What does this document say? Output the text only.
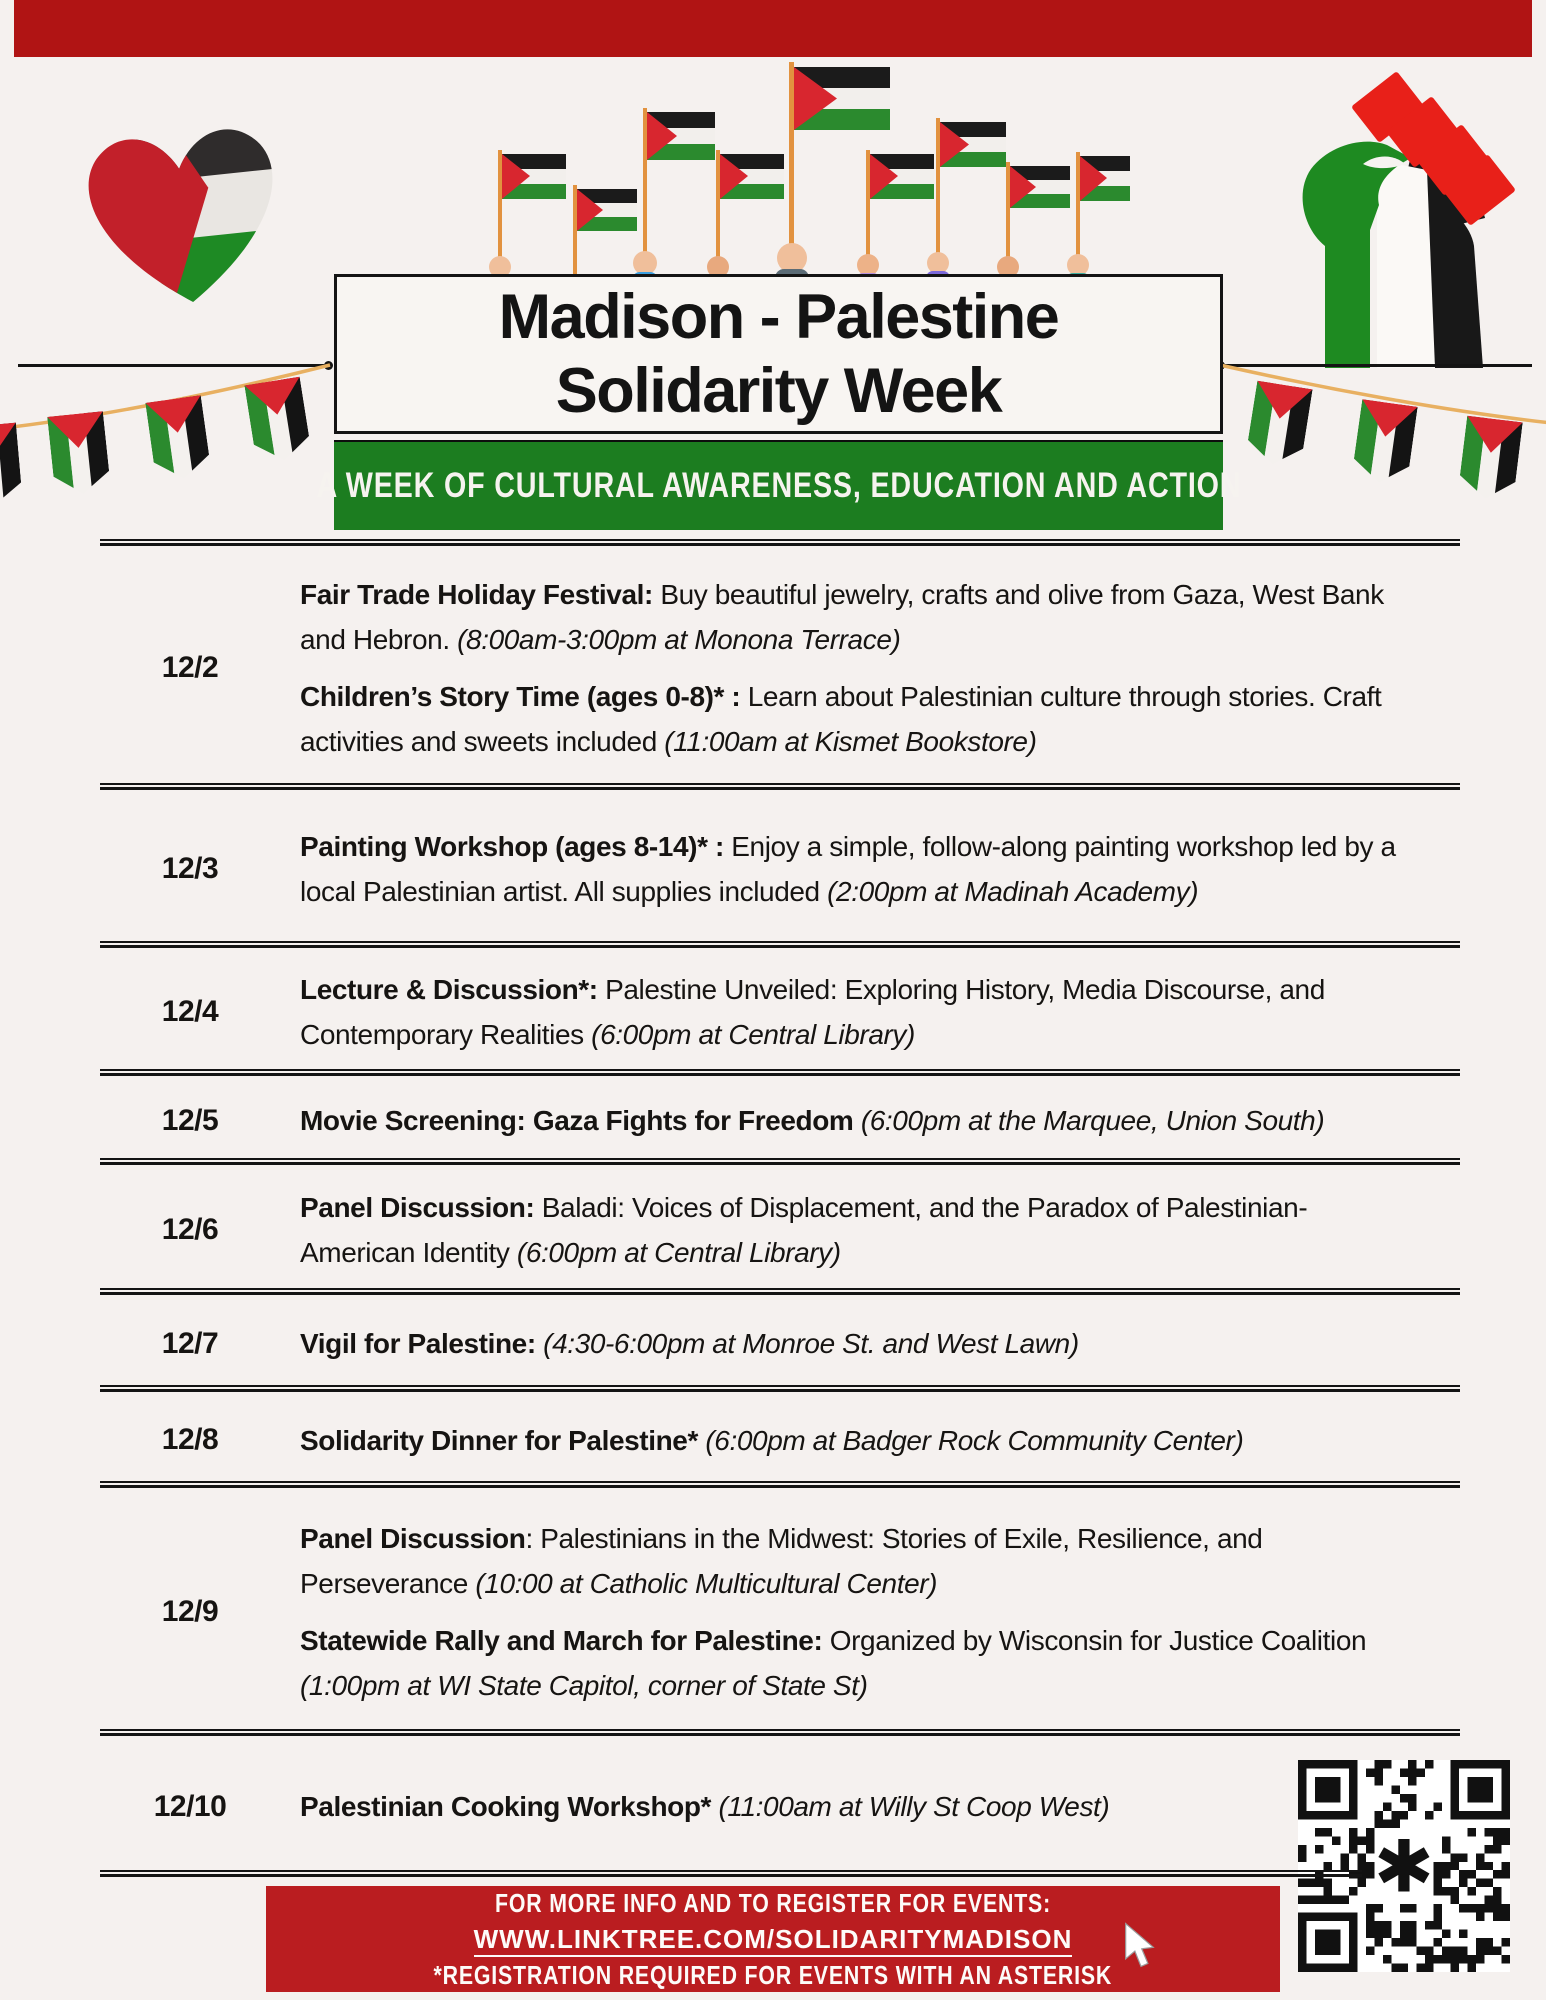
Madison - Palestine
Solidarity Week
A WEEK OF CULTURAL AWARENESS, EDUCATION AND ACTION
12/2

Fair Trade Holiday Festival: Buy beautiful jewelry, crafts and olive from Gaza, West Bank and Hebron. (8:00am-3:00pm at Monona Terrace)

Children’s Story Time (ages 0-8)* : Learn about Palestinian culture through stories. Craft activities and sweets included (11:00am at Kismet Bookstore)

12/3

Painting Workshop (ages 8-14)* : Enjoy a simple, follow-along painting workshop led by a local Palestinian artist. All supplies included (2:00pm at Madinah Academy)

12/4

Lecture & Discussion*: Palestine Unveiled: Exploring History, Media Discourse, and Contemporary Realities (6:00pm at Central Library)

12/5	Movie Screening: Gaza Fights for Freedom (6:00pm at the Marquee, Union South)

12/6

Panel Discussion: Baladi: Voices of Displacement, and the Paradox of Palestinian-American Identity (6:00pm at Central Library)

12/7	Vigil for Palestine: (4:30-6:00pm at Monroe St. and West Lawn)

12/8	Solidarity Dinner for Palestine* (6:00pm at Badger Rock Community Center)

12/9

Panel Discussion: Palestinians in the Midwest: Stories of Exile, Resilience, and Perseverance (10:00 at Catholic Multicultural Center)

Statewide Rally and March for Palestine: Organized by Wisconsin for Justice Coalition (1:00pm at WI State Capitol, corner of State St)

12/10	Palestinian Cooking Workshop* (11:00am at Willy St Coop West)

✱
FOR MORE INFO AND TO REGISTER FOR EVENTS:
WWW.LINKTREE.COM/SOLIDARITYMADISON
*REGISTRATION REQUIRED FOR EVENTS WITH AN ASTERISK
